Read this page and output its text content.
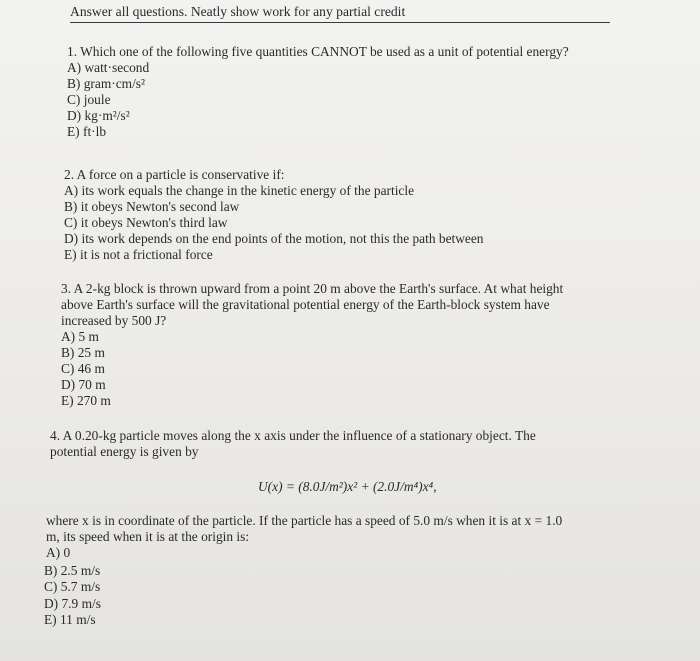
Answer all questions. Neatly show work for any partial credit
1. Which one of the following five quantities CANNOT be used as a unit of potential energy?
A) watt·second
B) gram·cm/s²
C) joule
D) kg·m²/s²
E) ft·lb
2. A force on a particle is conservative if:
A) its work equals the change in the kinetic energy of the particle
B) it obeys Newton's second law
C) it obeys Newton's third law
D) its work depends on the end points of the motion, not this the path between
E) it is not a frictional force
3. A 2-kg block is thrown upward from a point 20 m above the Earth's surface. At what height
above Earth's surface will the gravitational potential energy of the Earth-block system have
increased by 500 J?
A) 5 m
B) 25 m
C) 46 m
D) 70 m
E) 270 m
4. A 0.20-kg particle moves along the x axis under the influence of a stationary object. The
potential energy is given by
U(x) = (8.0J/m²)x² + (2.0J/m⁴)x⁴,
where x is in coordinate of the particle. If the particle has a speed of 5.0 m/s when it is at x = 1.0
m, its speed when it is at the origin is:
A) 0
B) 2.5 m/s
C) 5.7 m/s
D) 7.9 m/s
E) 11 m/s
